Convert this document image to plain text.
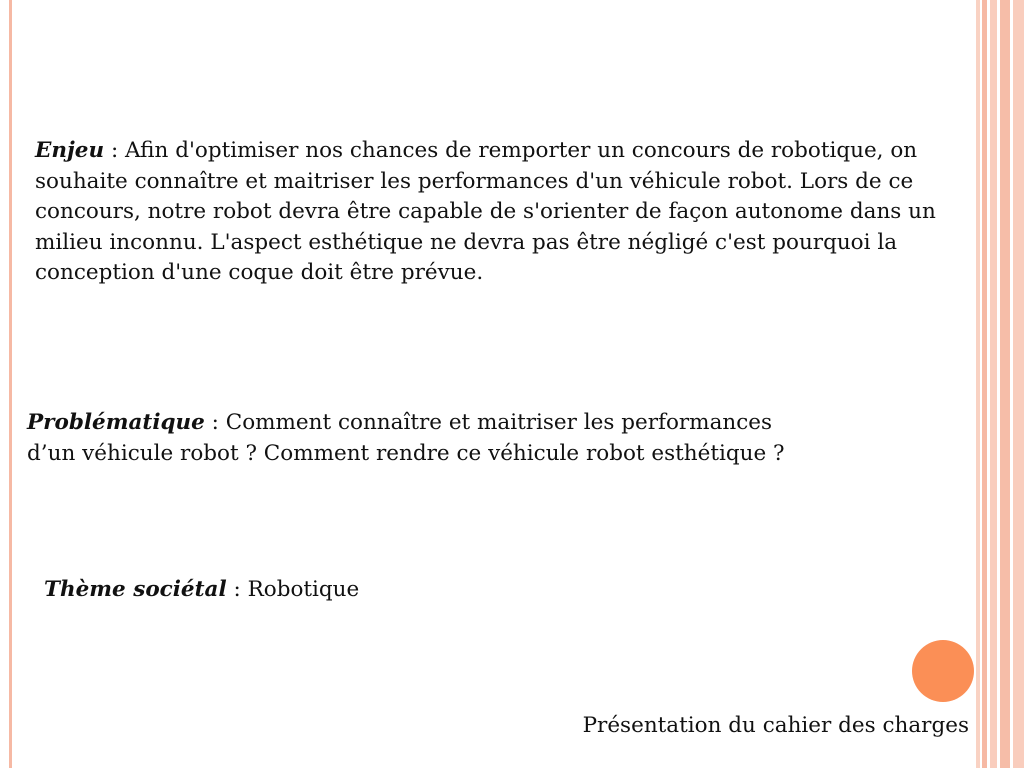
Enjeu : Afin d'optimiser nos chances de remporter un concours de robotique, on souhaite connaître et maitriser les performances d'un véhicule robot. Lors de ce concours, notre robot devra être capable de s'orienter de façon autonome dans un milieu inconnu. L'aspect esthétique ne devra pas être négligé c'est pourquoi la conception d'une coque doit être prévue.
Problématique : Comment connaître et maitriser les performances
d’un véhicule robot ? Comment rendre ce véhicule robot esthétique ?
Thème sociétal : Robotique
Présentation du cahier des charges
